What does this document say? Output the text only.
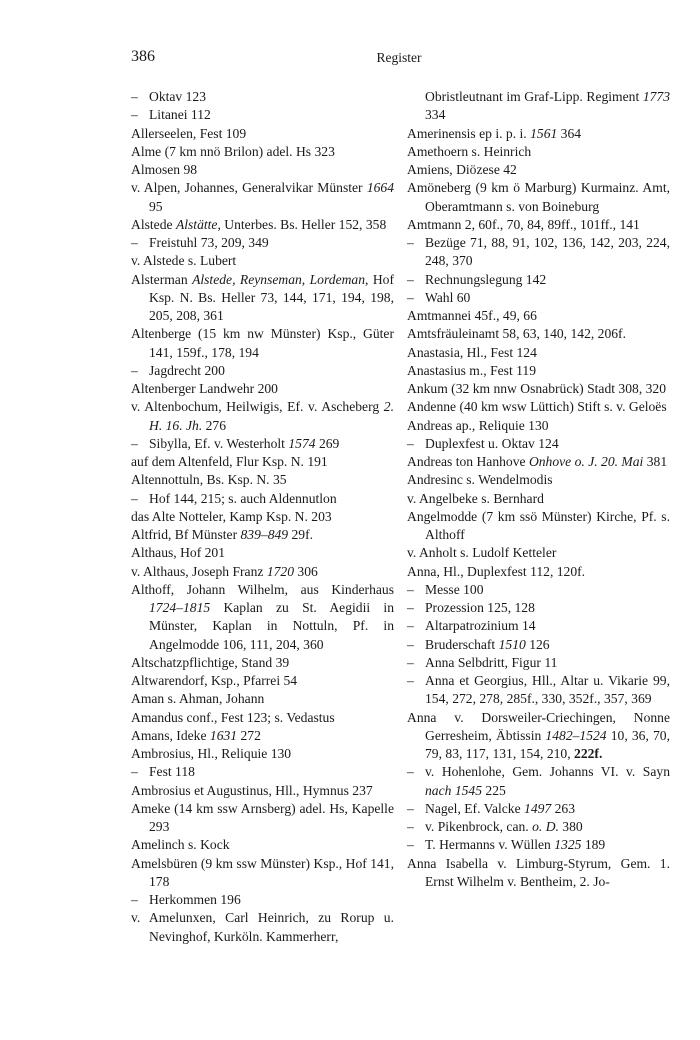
386	Register

– Oktav 123

– Litanei 112

Allerseelen, Fest 109

Alme (7 km nnö Brilon) adel. Hs 323

Almosen 98

v. Alpen, Johannes, Generalvikar Münster 1664 95

Alstede Alstätte, Unterbes. Bs. Heller 152, 358

– Freistuhl 73, 209, 349

v. Alstede s. Lubert

Alsterman Alstede, Reynseman, Lordeman, Hof Ksp. N. Bs. Heller 73, 144, 171, 194, 198, 205, 208, 361

Altenberge (15 km nw Münster) Ksp., Güter 141, 159f., 178, 194

– Jagdrecht 200

Altenberger Landwehr 200

v. Altenbochum, Heilwigis, Ef. v. Ascheberg 2. H. 16. Jh. 276

– Sibylla, Ef. v. Westerholt 1574 269

auf dem Altenfeld, Flur Ksp. N. 191

Altennottuln, Bs. Ksp. N. 35

– Hof 144, 215; s. auch Aldennutlon

das Alte Notteler, Kamp Ksp. N. 203

Altfrid, Bf Münster 839–849 29f.

Althaus, Hof 201

v. Althaus, Joseph Franz 1720 306

Althoff, Johann Wilhelm, aus Kinderhaus 1724–1815 Kaplan zu St. Aegidii in Münster, Kaplan in Nottuln, Pf. in Angelmodde 106, 111, 204, 360

Altschatzpflichtige, Stand 39

Altwarendorf, Ksp., Pfarrei 54

Aman s. Ahman, Johann

Amandus conf., Fest 123; s. Vedastus

Amans, Ideke 1631 272

Ambrosius, Hl., Reliquie 130

– Fest 118

Ambrosius et Augustinus, Hll., Hymnus 237

Ameke (14 km ssw Arnsberg) adel. Hs, Kapelle 293

Amelinch s. Kock

Amelsbüren (9 km ssw Münster) Ksp., Hof 141, 178

– Herkommen 196

v. Amelunxen, Carl Heinrich, zu Rorup u. Nevinghof, Kurköln. Kammerherr,

Obristleutnant im Graf-Lipp. Regiment 1773 334

Amerinensis ep i. p. i. 1561 364

Amethoern s. Heinrich

Amiens, Diözese 42

Amöneberg (9 km ö Marburg) Kurmainz. Amt, Oberamtmann s. von Boineburg

Amtmann 2, 60f., 70, 84, 89ff., 101ff., 141

– Bezüge 71, 88, 91, 102, 136, 142, 203, 224, 248, 370

– Rechnungslegung 142

– Wahl 60

Amtmannei 45f., 49, 66

Amtsfräuleinamt 58, 63, 140, 142, 206f.

Anastasia, Hl., Fest 124

Anastasius m., Fest 119

Ankum (32 km nnw Osnabrück) Stadt 308, 320

Andenne (40 km wsw Lüttich) Stift s. v. Geloës

Andreas ap., Reliquie 130

– Duplexfest u. Oktav 124

Andreas ton Hanhove Onhove o. J. 20. Mai 381

Andresinc s. Wendelmodis

v. Angelbeke s. Bernhard

Angelmodde (7 km ssö Münster) Kirche, Pf. s. Althoff

v. Anholt s. Ludolf Ketteler

Anna, Hl., Duplexfest 112, 120f.

– Messe 100

– Prozession 125, 128

– Altarpatrozinium 14

– Bruderschaft 1510 126

– Anna Selbdritt, Figur 11

– Anna et Georgius, Hll., Altar u. Vikarie 99, 154, 272, 278, 285f., 330, 352f., 357, 369

Anna v. Dorsweiler-Criechingen, Nonne Gerresheim, Äbtissin 1482–1524 10, 36, 70, 79, 83, 117, 131, 154, 210, 222f.

– v. Hohenlohe, Gem. Johanns VI. v. Sayn nach 1545 225

– Nagel, Ef. Valcke 1497 263

– v. Pikenbrock, can. o. D. 380

– T. Hermanns v. Wüllen 1325 189

Anna Isabella v. Limburg-Styrum, Gem. 1. Ernst Wilhelm v. Bentheim, 2. Jo-
